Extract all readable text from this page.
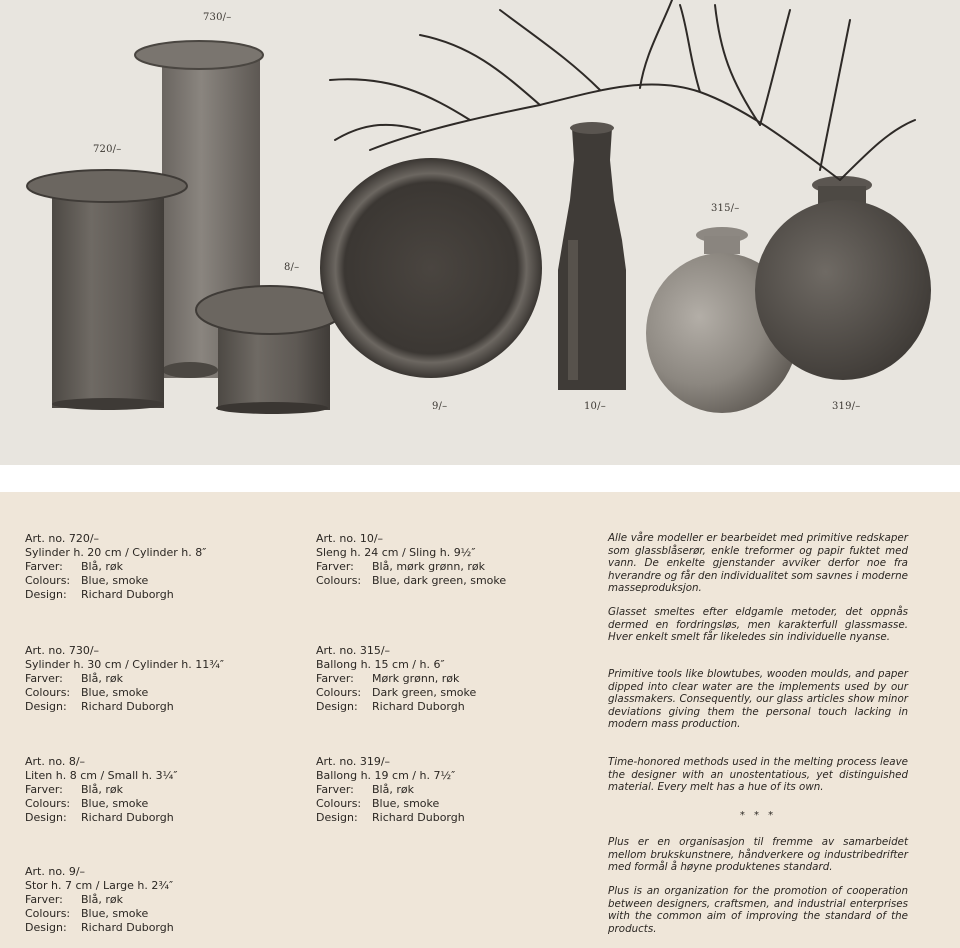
730/–
720/–
8/–
9/–	10/–
315/–
319/–
Art. no. 720/–
Sylinder h. 20 cm / Cylinder h. 8″
Farver: Blå, røk
Colours: Blue, smoke
Design: Richard Duborgh
Art. no. 730/–
Sylinder h. 30 cm / Cylinder h. 11¾″
Farver: Blå, røk
Colours: Blue, smoke
Design: Richard Duborgh
Art. no. 8/–
Liten h. 8 cm / Small h. 3¼″
Farver: Blå, røk
Colours: Blue, smoke
Design: Richard Duborgh
Art. no. 9/–
Stor h. 7 cm / Large h. 2¾″
Farver: Blå, røk
Colours: Blue, smoke
Design: Richard Duborgh
Art. no. 10/–
Sleng h. 24 cm / Sling h. 9½″
Farver: Blå, mørk grønn, røk
Colours: Blue, dark green, smoke
Art. no. 315/–
Ballong h. 15 cm / h. 6″
Farver: Mørk grønn, røk
Colours: Dark green, smoke
Design: Richard Duborgh
Art. no. 319/–
Ballong h. 19 cm / h. 7½″
Farver: Blå, røk
Colours: Blue, smoke
Design: Richard Duborgh
Alle våre modeller er bearbeidet med primitive redskaper som glassblåserør, enkle treformer og papir fuktet med vann. De enkelte gjenstander avviker derfor noe fra hverandre og får den individualitet som savnes i moderne masseproduksjon.
Glasset smeltes efter eldgamle metoder, det oppnås dermed en fordringsløs, men karakterfull glassmasse. Hver enkelt smelt får likeledes sin individuelle nyanse.
Primitive tools like blowtubes, wooden moulds, and paper dipped into clear water are the implements used by our glassmakers. Consequently, our glass articles show minor deviations giving them the personal touch lacking in modern mass production.
Time-honored methods used in the melting process leave the designer with an unostentatious, yet distinguished material. Every melt has a hue of its own.
* * *
Plus er en organisasjon til fremme av samarbeidet mellom brukskunstnere, håndverkere og industribedrifter med formål å høyne produktenes standard.
Plus is an organization for the promotion of cooperation between designers, craftsmen, and industrial enterprises with the common aim of improving the standard of the products.
